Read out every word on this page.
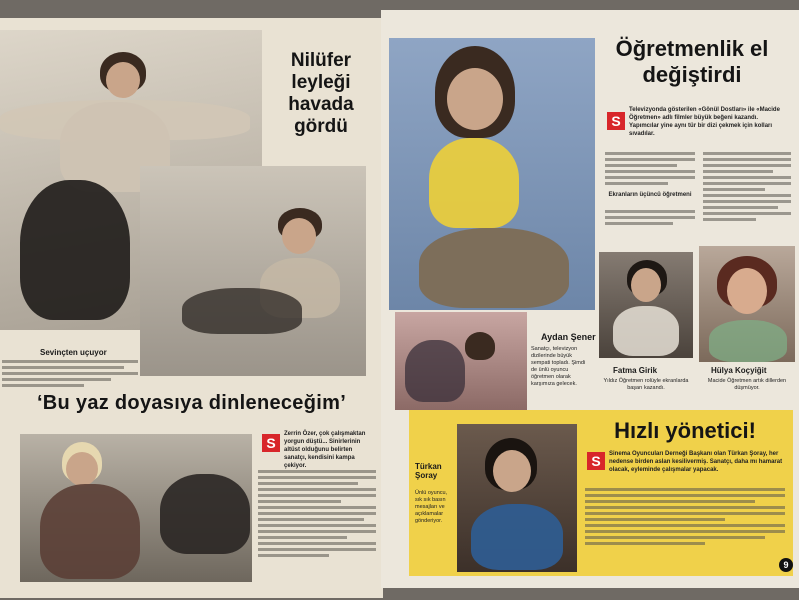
Nilüfer leyleği havada gördü
Sevinçten uçuyor
‘Bu yaz doyasıya dinleneceğim’
S
Zerrin Özer, çok çalışmaktan yorgun düştü... Sinirlerinin altüst olduğunu belirten sanatçı, kendisini kampa çekiyor.
Öğretmenlik el değiştirdi
S
Televizyonda gösterilen «Gönül Dostları» ile «Macide Öğretmen» adlı filmler büyük beğeni kazandı. Yapımcılar yine aynı tür bir dizi çekmek için kolları sıvadılar.
Ekranların üçüncü öğretmeni
Aydan Şener
Sanatçı, televizyon dizilerinde büyük sempati topladı. Şimdi de ünlü oyuncu öğretmen olarak karşımıza gelecek.
Fatma Girik
Yıldız Öğretmen rolüyle ekranlarda başarı kazandı.
Hülya Koçyiğit
Macide Öğretmen artık dillerden düşmüyor.
Hızlı yönetici!
S	Sinema Oyuncuları Derneği Başkanı olan Türkan Şoray, her nedense birden aslan kesilivermiş. Sanatçı, daha mı hamarat olacak, eyleminde çalışmalar yapacak.
Türkan Şoray
Ünlü oyuncu, sık sık basın mesajları ve açıklamalar gönderiyor.
9
